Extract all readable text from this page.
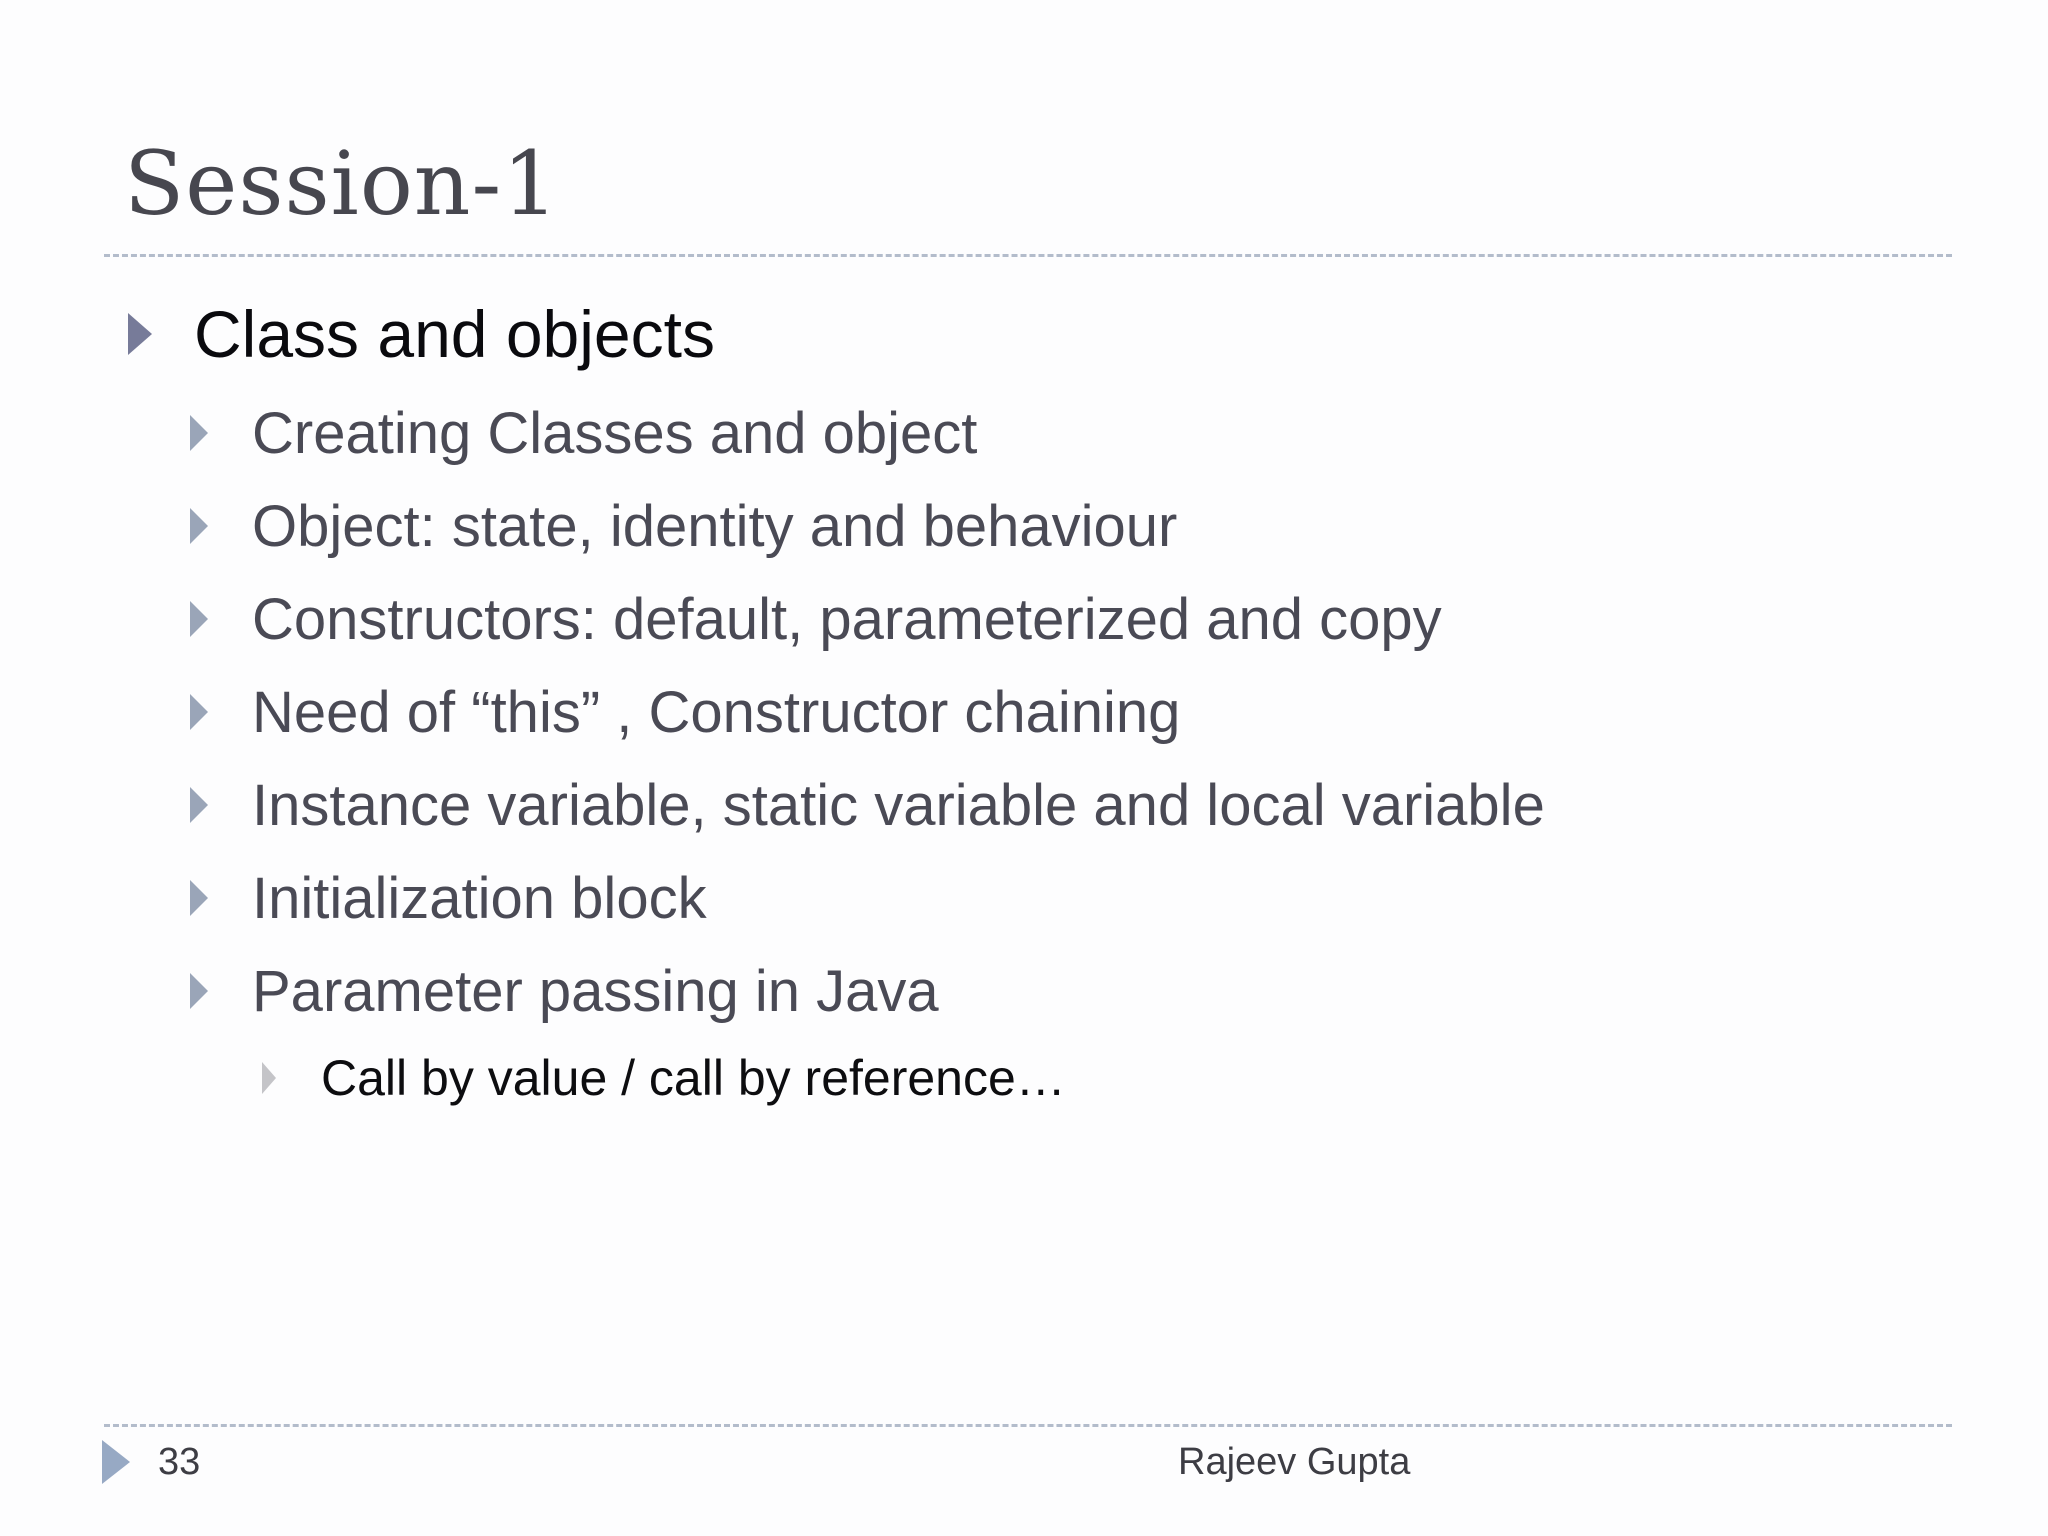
Session-1
Class and objects
Creating Classes and object
Object: state, identity and behaviour
Constructors: default, parameterized and copy
Need of “this” , Constructor chaining
Instance variable, static variable and local variable
Initialization block
Parameter passing in Java
Call by value / call by reference…
33	Rajeev Gupta
